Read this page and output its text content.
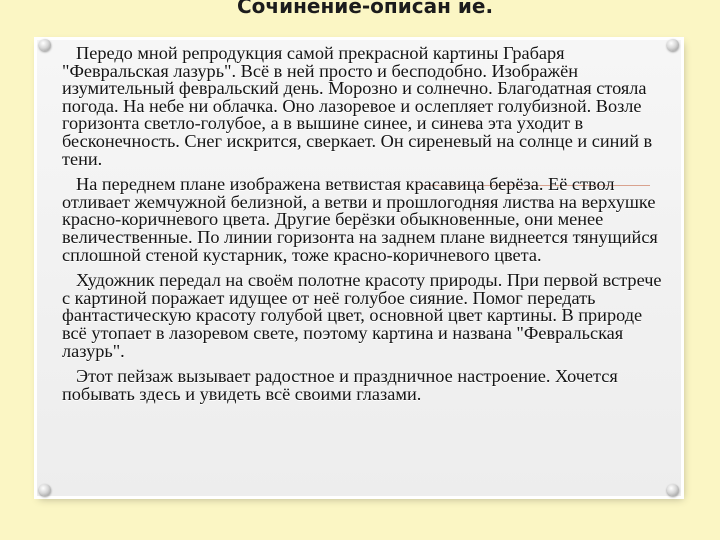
Сочинение-описан ие.

Передо мной репродукция самой прекрасной картины Грабаря "Февральская лазурь". Всё в ней просто и бесподобно. Изображён изумительный февральский день. Морозно и солнечно. Благодатная стояла погода. На небе ни облачка. Оно лазоревое и ослепляет голубизной. Возле горизонта светло-голубое, а в вышине синее, и синева эта уходит в бесконечность. Снег искрится, сверкает. Он сиреневый на солнце и синий в тени.

На переднем плане изображена ветвистая красавица берёза. Её ствол отливает жемчужной белизной, а ветви и прошлогодняя листва на верхушке красно-коричневого цвета. Другие берёзки обыкновенные, они менее величественные. По линии горизонта на заднем плане виднеется тянущийся сплошной стеной кустарник, тоже красно-коричневого цвета.

Художник передал на своём полотне красоту природы. При первой встрече с картиной поражает идущее от неё голубое сияние. Помог передать фантастическую красоту голубой цвет, основной цвет картины. В природе всё утопает в лазоревом свете, поэтому картина и названа "Февральская лазурь".

Этот пейзаж вызывает радостное и праздничное настроение. Хочется побывать здесь и увидеть всё своими глазами.
